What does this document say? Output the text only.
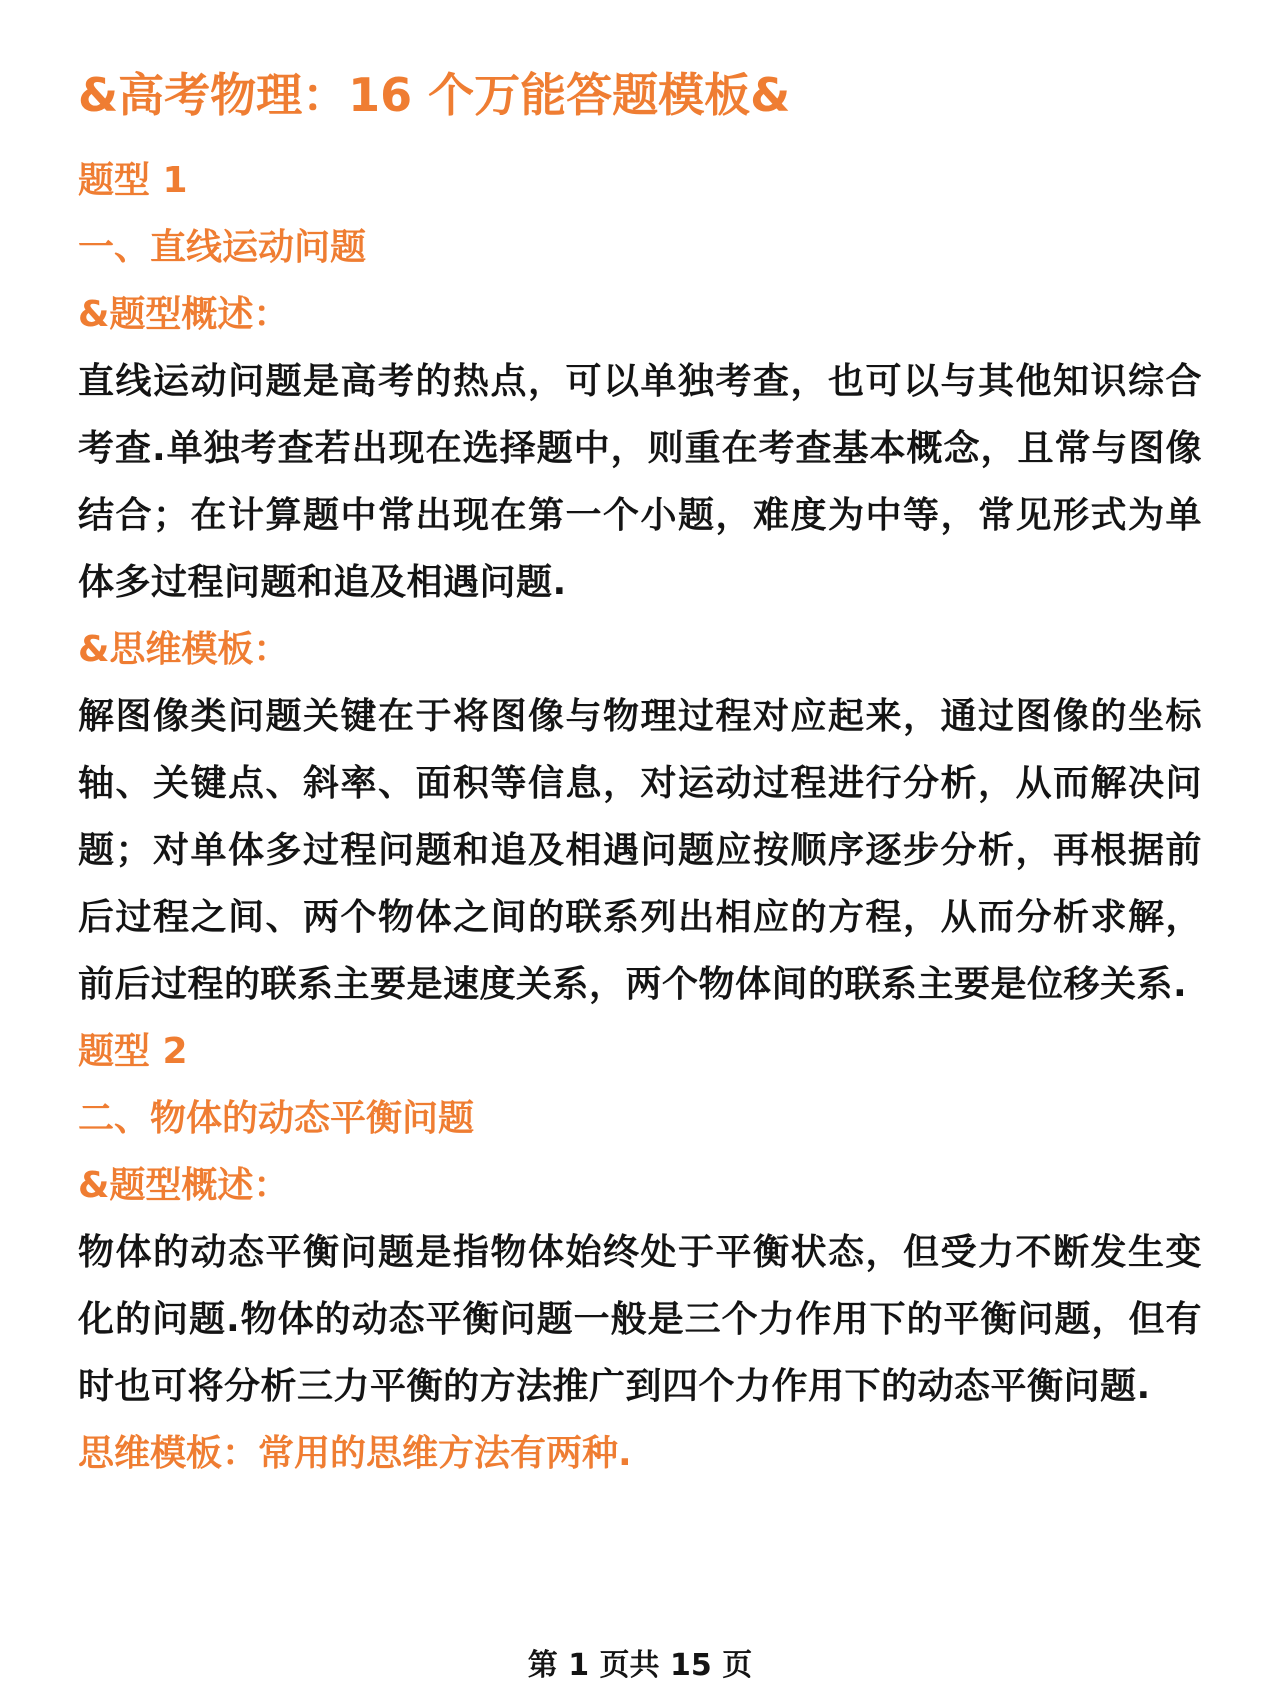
&高考物理：16 个万能答题模板&
题型 1
一、直线运动问题
&题型概述：
直线运动问题是高考的热点，可以单独考查，也可以与其他知识综合考查.单独考查若出现在选择题中，则重在考查基本概念，且常与图像结合；在计算题中常出现在第一个小题，难度为中等，常见形式为单体多过程问题和追及相遇问题.
&思维模板：
解图像类问题关键在于将图像与物理过程对应起来，通过图像的坐标轴、关键点、斜率、面积等信息，对运动过程进行分析，从而解决问题；对单体多过程问题和追及相遇问题应按顺序逐步分析，再根据前后过程之间、两个物体之间的联系列出相应的方程，从而分析求解，前后过程的联系主要是速度关系，两个物体间的联系主要是位移关系.
题型 2
二、物体的动态平衡问题
&题型概述：
物体的动态平衡问题是指物体始终处于平衡状态，但受力不断发生变化的问题.物体的动态平衡问题一般是三个力作用下的平衡问题，但有时也可将分析三力平衡的方法推广到四个力作用下的动态平衡问题.
思维模板：常用的思维方法有两种.
第 1 页共 15 页
